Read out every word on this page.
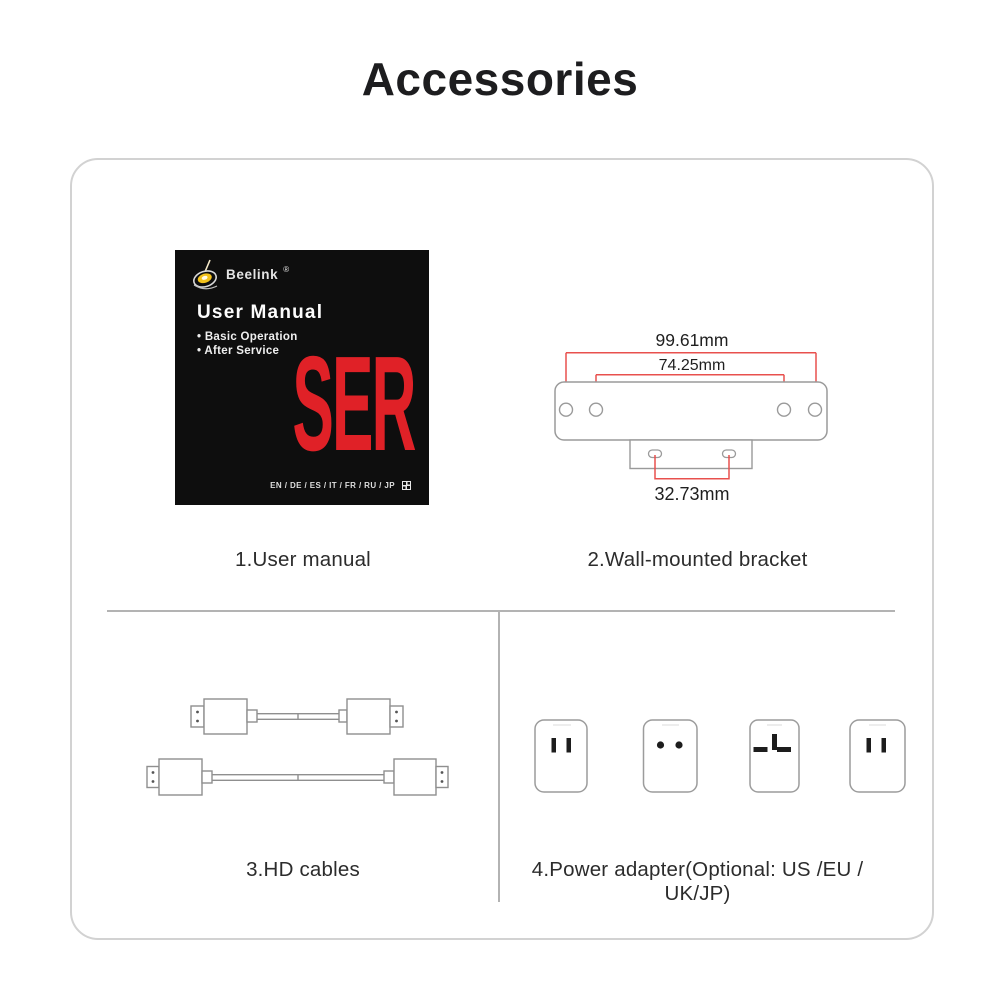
Accessories
Beelink ®
User Manual
• Basic Operation
• After Service SER
EN / DE / ES / IT / FR / RU / JP
99.61mm
74.25mm
32.73mm
1.User manual	2.Wall-mounted bracket
3.HD cables	4.Power adapter(Optional: US /EU / UK/JP)
